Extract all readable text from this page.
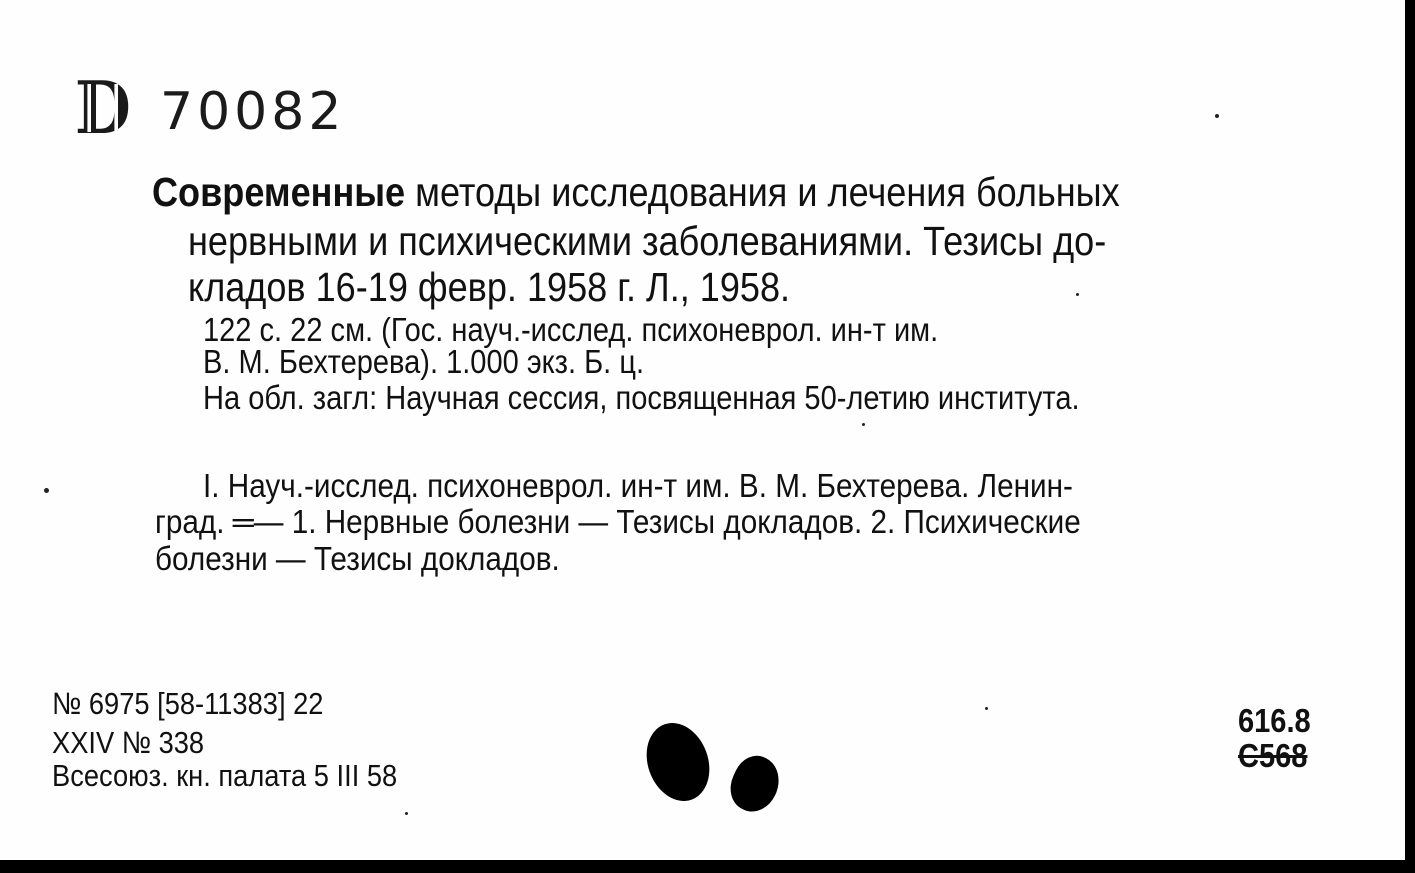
D 70082
Современные методы исследования и лечения больных
нервными и психическими заболеваниями. Тезисы до-
кладов 16-19 февр. 1958 г. Л., 1958.
122 с. 22 см. (Гос. науч.-исслед. психоневрол. ин-т им.
В. М. Бехтерева). 1.000 экз. Б. ц.
На обл. загл: Научная сессия, посвященная 50-летию института.
I. Науч.-исслед. психоневрол. ин-т им. В. М. Бехтерева. Ленин-
град. ═— 1. Нервные болезни — Тезисы докладов. 2. Психические
болезни — Тезисы докладов.
№ 6975 [58-11383] 22
XXIV № 338
Всесоюз. кн. палата 5 III 58
616.8
С568
